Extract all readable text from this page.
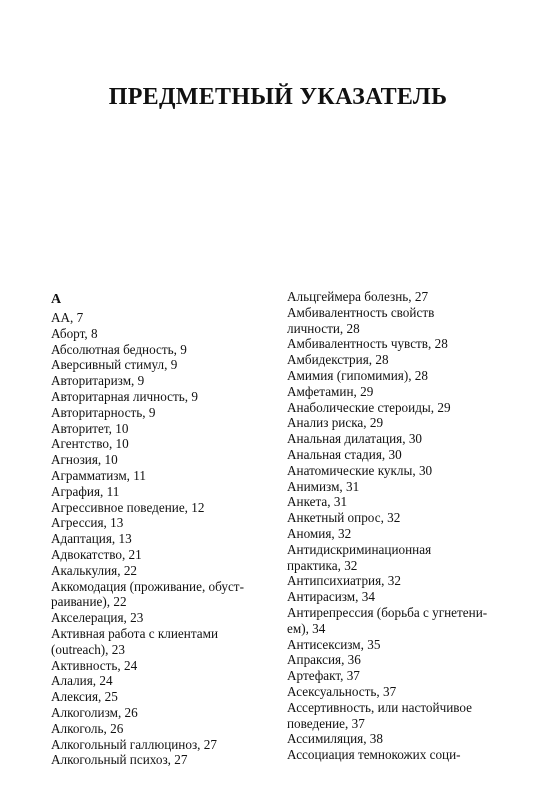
ПРЕДМЕТНЫЙ УКАЗАТЕЛЬ
А
АА, 7
Аборт, 8
Абсолютная бедность, 9
Аверсивный стимул, 9
Авторитаризм, 9
Авторитарная личность, 9
Авторитарность, 9
Авторитет, 10
Агентство, 10
Агнозия, 10
Аграмматизм, 11
Аграфия, 11
Агрессивное поведение, 12
Агрессия, 13
Адаптация, 13
Адвокатство, 21
Акалькулия, 22
Аккомодация (проживание, обуст-
раивание), 22
Акселерация, 23
Активная работа с клиентами
(outreach), 23
Активность, 24
Алалия, 24
Алексия, 25
Алкоголизм, 26
Алкоголь, 26
Алкогольный галлюциноз, 27
Алкогольный психоз, 27
Альцгеймера болезнь, 27
Амбивалентность свойств
личности, 28
Амбивалентность чувств, 28
Амбидекстрия, 28
Амимия (гипомимия), 28
Амфетамин, 29
Анаболические стероиды, 29
Анализ риска, 29
Анальная дилатация, 30
Анальная стадия, 30
Анатомические куклы, 30
Анимизм, 31
Анкета, 31
Анкетный опрос, 32
Аномия, 32
Антидискриминационная
практика, 32
Антипсихиатрия, 32
Антирасизм, 34
Антирепрессия (борьба с угнетени-
ем), 34
Антисексизм, 35
Апраксия, 36
Артефакт, 37
Асексуальность, 37
Ассертивность, или настойчивое
поведение, 37
Ассимиляция, 38
Ассоциация темнокожих соци-
